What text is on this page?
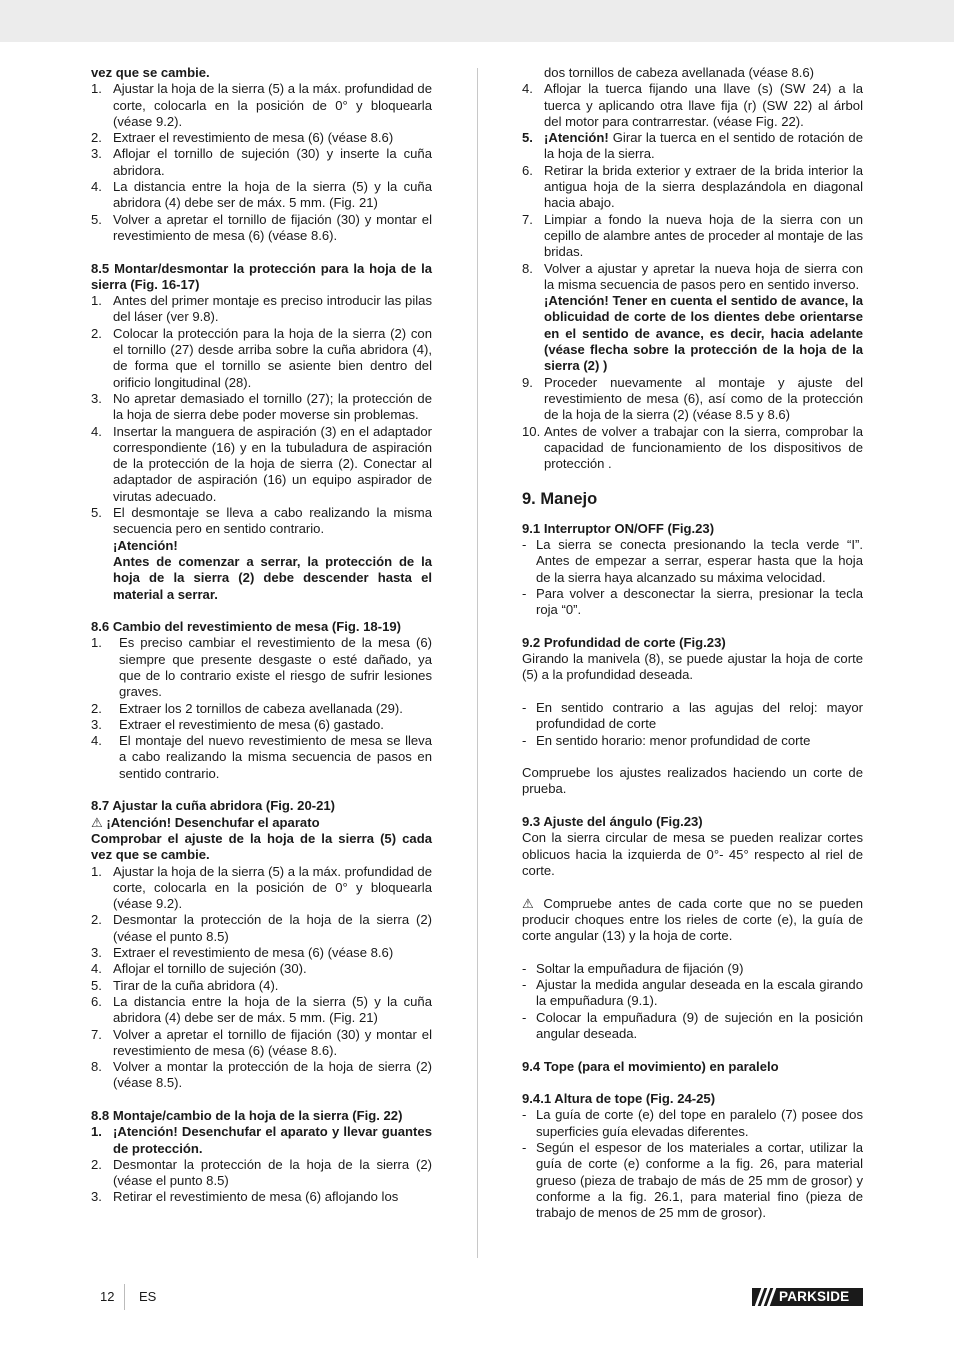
vez que se cambie.

1. Ajustar la hoja de la sierra (5) a la máx. profundidad de corte, colocarla en la posición de 0° y bloquearla (véase 9.2).
2. Extraer el revestimiento de mesa (6) (véase 8.6)
3. Aflojar el tornillo de sujeción (30) y inserte la cuña abridora.
4. La distancia entre la hoja de la sierra (5) y la cuña abridora (4) debe ser de máx. 5 mm. (Fig. 21)
5. Volver a apretar el tornillo de fijación (30) y montar el revestimiento de mesa (6) (véase 8.6).

8.5 Montar/desmontar la protección para la hoja de la sierra (Fig. 16-17)

1. Antes del primer montaje es preciso introducir las pilas del láser (ver 9.8).
2. Colocar la protección para la hoja de la sierra (2) con el tornillo (27) desde arriba sobre la cuña abridora (4), de forma que el tornillo se asiente bien dentro del orificio longitudinal (28).
3. No apretar demasiado el tornillo (27); la protección de la hoja de sierra debe poder moverse sin problemas.
4. Insertar la manguera de aspiración (3) en el adaptador correspondiente (16) y en la tubuladura de aspiración de la protección de la hoja de sierra (2). Conectar al adaptador de aspiración (16) un equipo aspirador de virutas adecuado.
5. El desmontaje se lleva a cabo realizando la misma secuencia pero en sentido contrario.
¡Atención!
Antes de comenzar a serrar, la protección de la hoja de la sierra (2) debe descender hasta el material a serrar.

8.6 Cambio del revestimiento de mesa (Fig. 18-19)

1.	Es preciso cambiar el revestimiento de la mesa (6) siempre que presente desgaste o esté dañado, ya que de lo contrario existe el riesgo de sufrir lesiones graves.
2.	Extraer los 2 tornillos de cabeza avellanada (29).
3.	Extraer el revestimiento de mesa (6) gastado.
4.	El montaje del nuevo revestimiento de mesa se lleva a cabo realizando la misma secuencia de pasos en sentido contrario.

8.7 Ajustar la cuña abridora (Fig. 20-21)

⚠ ¡Atención! Desenchufar el aparato

Comprobar el ajuste de la hoja de la sierra (5) cada vez que se cambie.

1. Ajustar la hoja de la sierra (5) a la máx. profundidad de corte, colocarla en la posición de 0° y bloquearla (véase 9.2).
2. Desmontar la protección de la hoja de la sierra (2) (véase el punto 8.5)
3. Extraer el revestimiento de mesa (6) (véase 8.6)
4. Aflojar el tornillo de sujeción (30).
5. Tirar de la cuña abridora (4).
6. La distancia entre la hoja de la sierra (5) y la cuña abridora (4) debe ser de máx. 5 mm. (Fig. 21)
7. Volver a apretar el tornillo de fijación (30) y montar el revestimiento de mesa (6) (véase 8.6).
8. Volver a montar la protección de la hoja de sierra (2) (véase 8.5).

8.8 Montaje/cambio de la hoja de la sierra (Fig. 22)

1. ¡Atención! Desenchufar el aparato y llevar guantes de protección.
2. Desmontar la protección de la hoja de la sierra (2) (véase el punto 8.5)
3. Retirar el revestimiento de mesa (6) aflojando los
dos tornillos de cabeza avellanada (véase 8.6)
4. Aflojar la tuerca fijando una llave (s) (SW 24) a la tuerca y aplicando otra llave fija (r) (SW 22) al árbol del motor para contrarrestar. (véase Fig. 22).
5. ¡Atención! Girar la tuerca en el sentido de rotación de la hoja de la sierra.
6. Retirar la brida exterior y extraer de la brida interior la antigua hoja de la sierra desplazándola en diagonal hacia abajo.
7. Limpiar a fondo la nueva hoja de la sierra con un cepillo de alambre antes de proceder al montaje de las bridas.
8. Volver a ajustar y apretar la nueva hoja de sierra con la misma secuencia de pasos pero en sentido inverso.
¡Atención! Tener en cuenta el sentido de avance, la oblicuidad de corte de los dientes debe orientarse en el sentido de avance, es decir, hacia adelante (véase flecha sobre la protección de la hoja de la sierra (2) )
9. Proceder nuevamente al montaje y ajuste del revestimiento de mesa (6), así como de la protección de la hoja de la sierra (2) (véase 8.5 y 8.6)
10. Antes de volver a trabajar con la sierra, comprobar la capacidad de funcionamiento de los dispositivos de protección .

9. Manejo

9.1 Interruptor ON/OFF (Fig.23)

- La sierra se conecta presionando la tecla verde “I”. Antes de empezar a serrar, esperar hasta que la hoja de la sierra haya alcanzado su máxima velocidad.
- Para volver a desconectar la sierra, presionar la tecla roja “0”.

9.2 Profundidad de corte (Fig.23)

Girando la manivela (8), se puede ajustar la hoja de corte (5) a la profundidad deseada.

- En sentido contrario a las agujas del reloj: mayor profundidad de corte
- En sentido horario: menor profundidad de corte

Compruebe los ajustes realizados haciendo un corte de prueba.

9.3 Ajuste del ángulo (Fig.23)

Con la sierra circular de mesa se pueden realizar cortes oblicuos hacia la izquierda de 0°- 45° respecto al riel de corte.

⚠ Compruebe antes de cada corte que no se pueden producir choques entre los rieles de corte (e), la guía de corte angular (13) y la hoja de corte.

- Soltar la empuñadura de fijación (9)
- Ajustar la medida angular deseada en la escala girando la empuñadura (9.1).
- Colocar la empuñadura (9) de sujeción en la posición angular deseada.

9.4 Tope (para el movimiento) en paralelo

9.4.1 Altura de tope (Fig. 24-25)

- La guía de corte (e) del tope en paralelo (7) posee dos superficies guía elevadas diferentes.
- Según el espesor de los materiales a cortar, utilizar la guía de corte (e) conforme a la fig. 26, para material grueso (pieza de trabajo de más de 25 mm de grosor) y conforme a la fig. 26.1, para material fino (pieza de trabajo de menos de 25 mm de grosor).
12 ES	PARKSIDE
